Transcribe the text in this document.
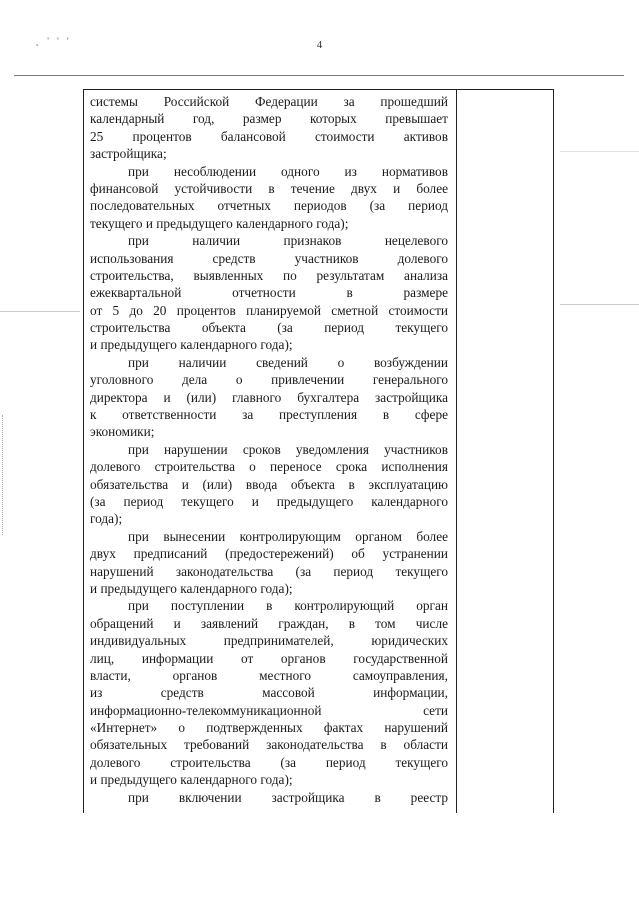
˛ ' ' '	4
системы Российской Федерации за прошедший
календарный год, размер которых превышает
25 процентов балансовой стоимости активов
застройщика;
при несоблюдении одного из нормативов
финансовой устойчивости в течение двух и более
последовательных отчетных периодов (за период
текущего и предыдущего календарного года);
при наличии признаков нецелевого
использования средств участников долевого
строительства, выявленных по результатам анализа
ежеквартальной отчетности в размере
от 5 до 20 процентов планируемой сметной стоимости
строительства объекта (за период текущего
и предыдущего календарного года);
при наличии сведений о возбуждении
уголовного дела о привлечении генерального
директора и (или) главного бухгалтера застройщика
к ответственности за преступления в сфере
экономики;
при нарушении сроков уведомления участников
долевого строительства о переносе срока исполнения
обязательства и (или) ввода объекта в эксплуатацию
(за период текущего и предыдущего календарного
года);
при вынесении контролирующим органом более
двух предписаний (предостережений) об устранении
нарушений законодательства (за период текущего
и предыдущего календарного года);
при поступлении в контролирующий орган
обращений и заявлений граждан, в том числе
индивидуальных предпринимателей, юридических
лиц, информации от органов государственной
власти, органов местного самоуправления,
из средств массовой информации,
информационно-телекоммуникационной сети
«Интернет» о подтвержденных фактах нарушений
обязательных требований законодательства в области
долевого строительства (за период текущего
и предыдущего календарного года);
при включении застройщика в реестр
